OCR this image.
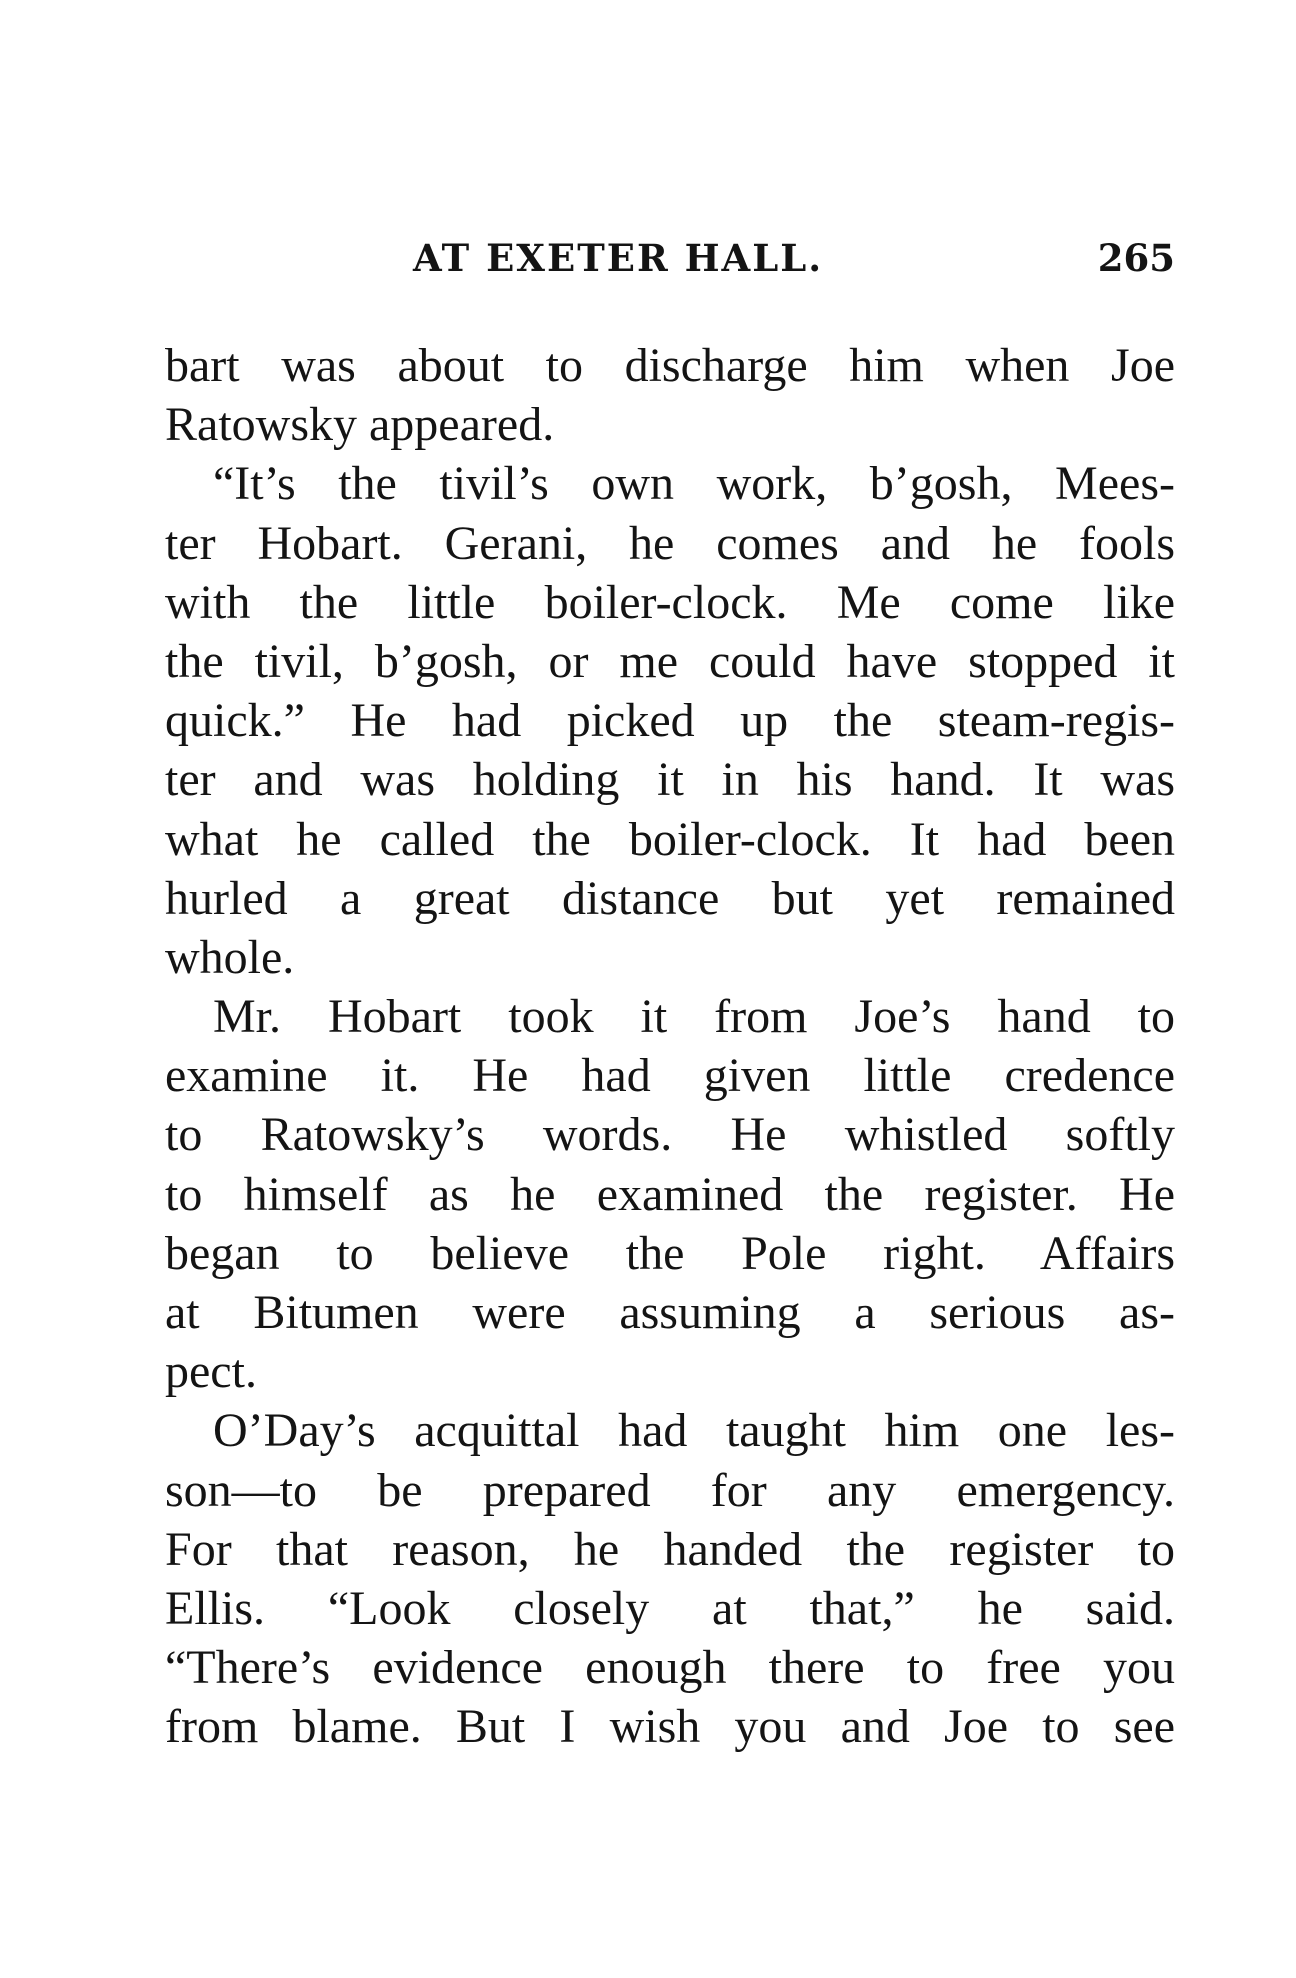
AT EXETER HALL.	265
bart was about to discharge him when Joe
Ratowsky appeared.
“It’s the tivil’s own work, b’gosh, Mees-
ter Hobart. Gerani, he comes and he fools
with the little boiler-clock. Me come like
the tivil, b’gosh, or me could have stopped it
quick.” He had picked up the steam-regis-
ter and was holding it in his hand. It was
what he called the boiler-clock. It had been
hurled a great distance but yet remained
whole.
Mr. Hobart took it from Joe’s hand to
examine it. He had given little credence
to Ratowsky’s words. He whistled softly
to himself as he examined the register. He
began to believe the Pole right. Affairs
at Bitumen were assuming a serious as-
pect.
O’Day’s acquittal had taught him one les-
son—to be prepared for any emergency.
For that reason, he handed the register to
Ellis. “Look closely at that,” he said.
“There’s evidence enough there to free you
from blame. But I wish you and Joe to see
